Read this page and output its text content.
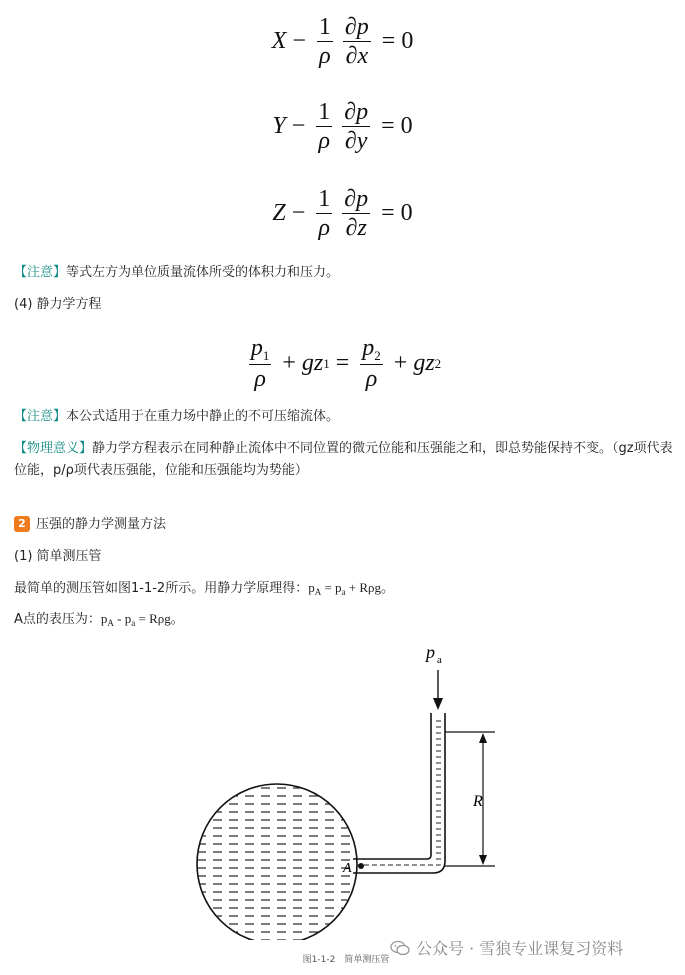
$X - \frac{1}{\rho} \frac{\partial p}{\partial x} = 0$
$Y - \frac{1}{\rho} \frac{\partial p}{\partial y} = 0$
$Z - \frac{1}{\rho} \frac{\partial p}{\partial z} = 0$
【注意】等式左方为单位质量流体所受的体积力和压力。
(4) 静力学方程
$\frac{p_1}{\rho} + g$ z $1 = \frac{p_2}{\rho} + g$ z 2
【注意】本公式适用于在重力场中静止的不可压缩流体。
【物理意义】静力学方程表示在同种静止流体中不同位置的微元位能和压强能之和，即总势能保持不变。（gz项代表位能，p/ρ项代表压强能，位能和压强能均为势能）
2 压强的静力学测量方法
(1) 简单测压管
最简单的测压管如图1-1-2所示。用静力学原理得：$p_A = p_a + R\rho g$。
A点的表压为：$p_A - p_a = R\rho g$。
R
p a
A
图1-1-2　简单测压管
公众号 · 雪狼专业课复习资料
